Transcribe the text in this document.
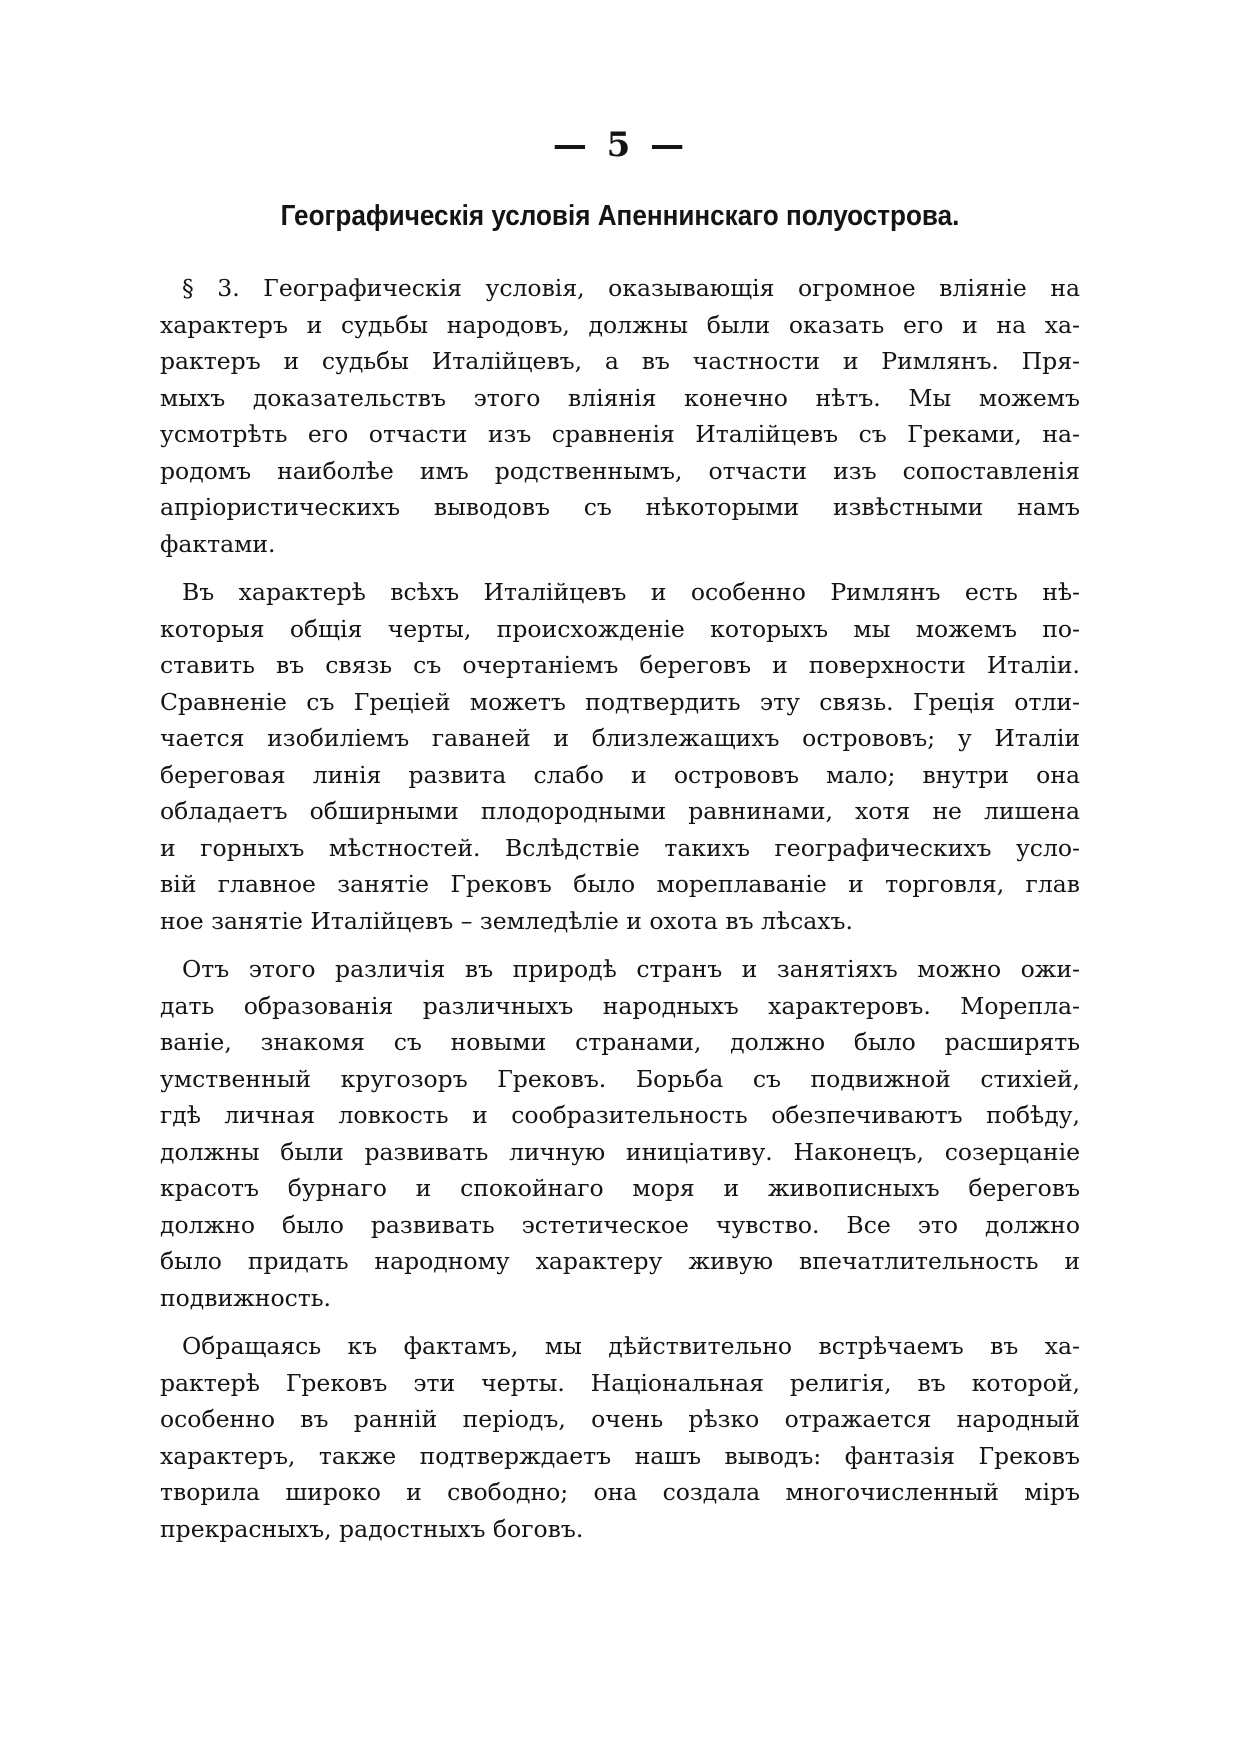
— 5 —
Географическія условія Апеннинскаго полуострова.
§ 3. Географическія условія, оказывающія огромное вліяніе на
характеръ и судьбы народовъ, должны были оказать его и на ха-
рактеръ и судьбы Италійцевъ, а въ частности и Римлянъ. Пря-
мыхъ доказательствъ этого вліянія конечно нѣтъ. Мы можемъ
усмотрѣть его отчасти изъ сравненія Италійцевъ съ Греками, на-
родомъ наиболѣе имъ родственнымъ, отчасти изъ сопоставленія
апріористическихъ выводовъ съ нѣкоторыми извѣстными намъ
фактами.
Въ характерѣ всѣхъ Италійцевъ и особенно Римлянъ есть нѣ-
которыя общія черты, происхожденіе которыхъ мы можемъ по-
ставить въ связь съ очертаніемъ береговъ и поверхности Италіи.
Сравненіе съ Греціей можетъ подтвердить эту связь. Греція отли-
чается изобиліемъ гаваней и близлежащихъ острововъ; у Италіи
береговая линія развита слабо и острововъ мало; внутри она
обладаетъ обширными плодородными равнинами, хотя не лишена
и горныхъ мѣстностей. Вслѣдствіе такихъ географическихъ усло-
вій главное занятіе Грековъ было мореплаваніе и торговля, глав
ное занятіе Италійцевъ – земледѣліе и охота въ лѣсахъ.
Отъ этого различія въ природѣ странъ и занятіяхъ можно ожи-
дать образованія различныхъ народныхъ характеровъ. Морепла-
ваніе, знакомя съ новыми странами, должно было расширять
умственный кругозоръ Грековъ. Борьба съ подвижной стихіей,
гдѣ личная ловкость и сообразительность обезпечиваютъ побѣду,
должны были развивать личную иниціативу. Наконецъ, созерцаніе
красотъ бурнаго и спокойнаго моря и живописныхъ береговъ
должно было развивать эстетическое чувство. Все это должно
было придать народному характеру живую впечатлительность и
подвижность.
Обращаясь къ фактамъ, мы дѣйствительно встрѣчаемъ въ ха-
рактерѣ Грековъ эти черты. Національная религія, въ которой,
особенно въ ранній періодъ, очень рѣзко отражается народный
характеръ, также подтверждаетъ нашъ выводъ: фантазія Грековъ
творила широко и свободно; она создала многочисленный міръ
прекрасныхъ, радостныхъ боговъ.
